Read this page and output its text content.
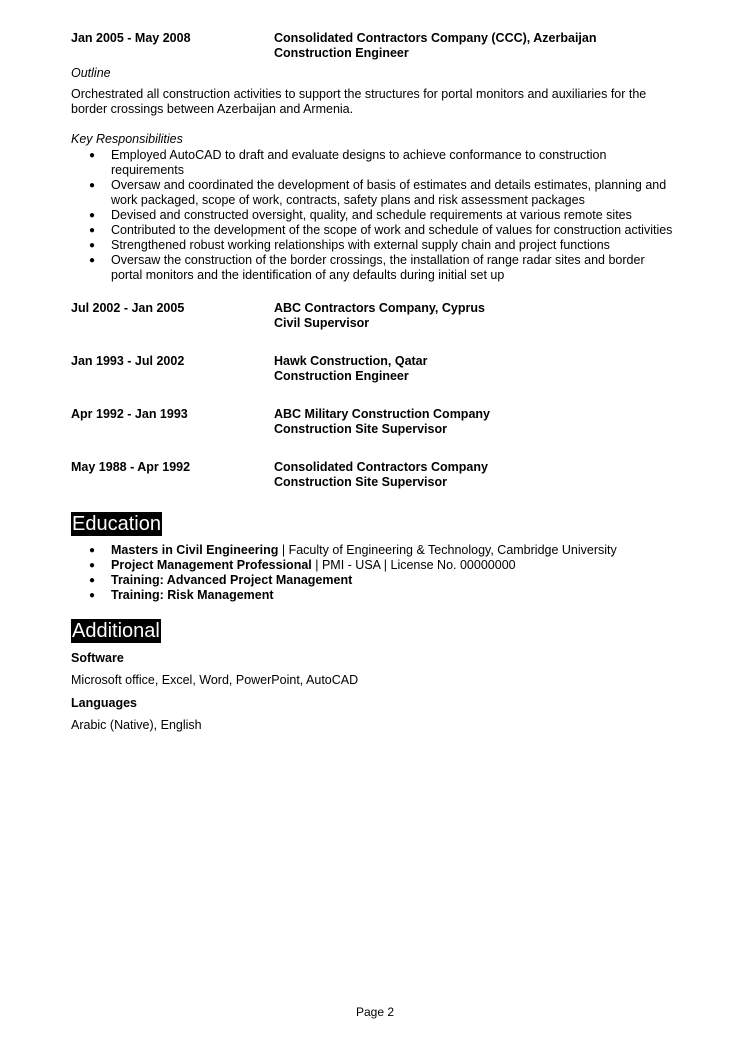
Jan 2005 - May 2008	Consolidated Contractors Company (CCC), Azerbaijan
Construction Engineer
Outline
Orchestrated all construction activities to support the structures for portal monitors and auxiliaries for the
border crossings between Azerbaijan and Armenia.
Key Responsibilities
● Employed AutoCAD to draft and evaluate designs to achieve conformance to construction
requirements
● Oversaw and coordinated the development of basis of estimates and details estimates, planning and
work packaged, scope of work, contracts, safety plans and risk assessment packages
● Devised and constructed oversight, quality, and schedule requirements at various remote sites
● Contributed to the development of the scope of work and schedule of values for construction activities
● Strengthened robust working relationships with external supply chain and project functions
● Oversaw the construction of the border crossings, the installation of range radar sites and border
portal monitors and the identification of any defaults during initial set up
Jul 2002 - Jan 2005	ABC Contractors Company, Cyprus
Civil Supervisor
Jan 1993 - Jul 2002	Hawk Construction, Qatar
Construction Engineer
Apr 1992 - Jan 1993	ABC Military Construction Company
Construction Site Supervisor
May 1988 - Apr 1992	Consolidated Contractors Company
Construction Site Supervisor
Education
● Masters in Civil Engineering | Faculty of Engineering & Technology, Cambridge University
● Project Management Professional | PMI - USA | License No. 00000000
● Training: Advanced Project Management
● Training: Risk Management
Additional
Software
Microsoft office, Excel, Word, PowerPoint, AutoCAD
Languages
Arabic (Native), English
Page 2
